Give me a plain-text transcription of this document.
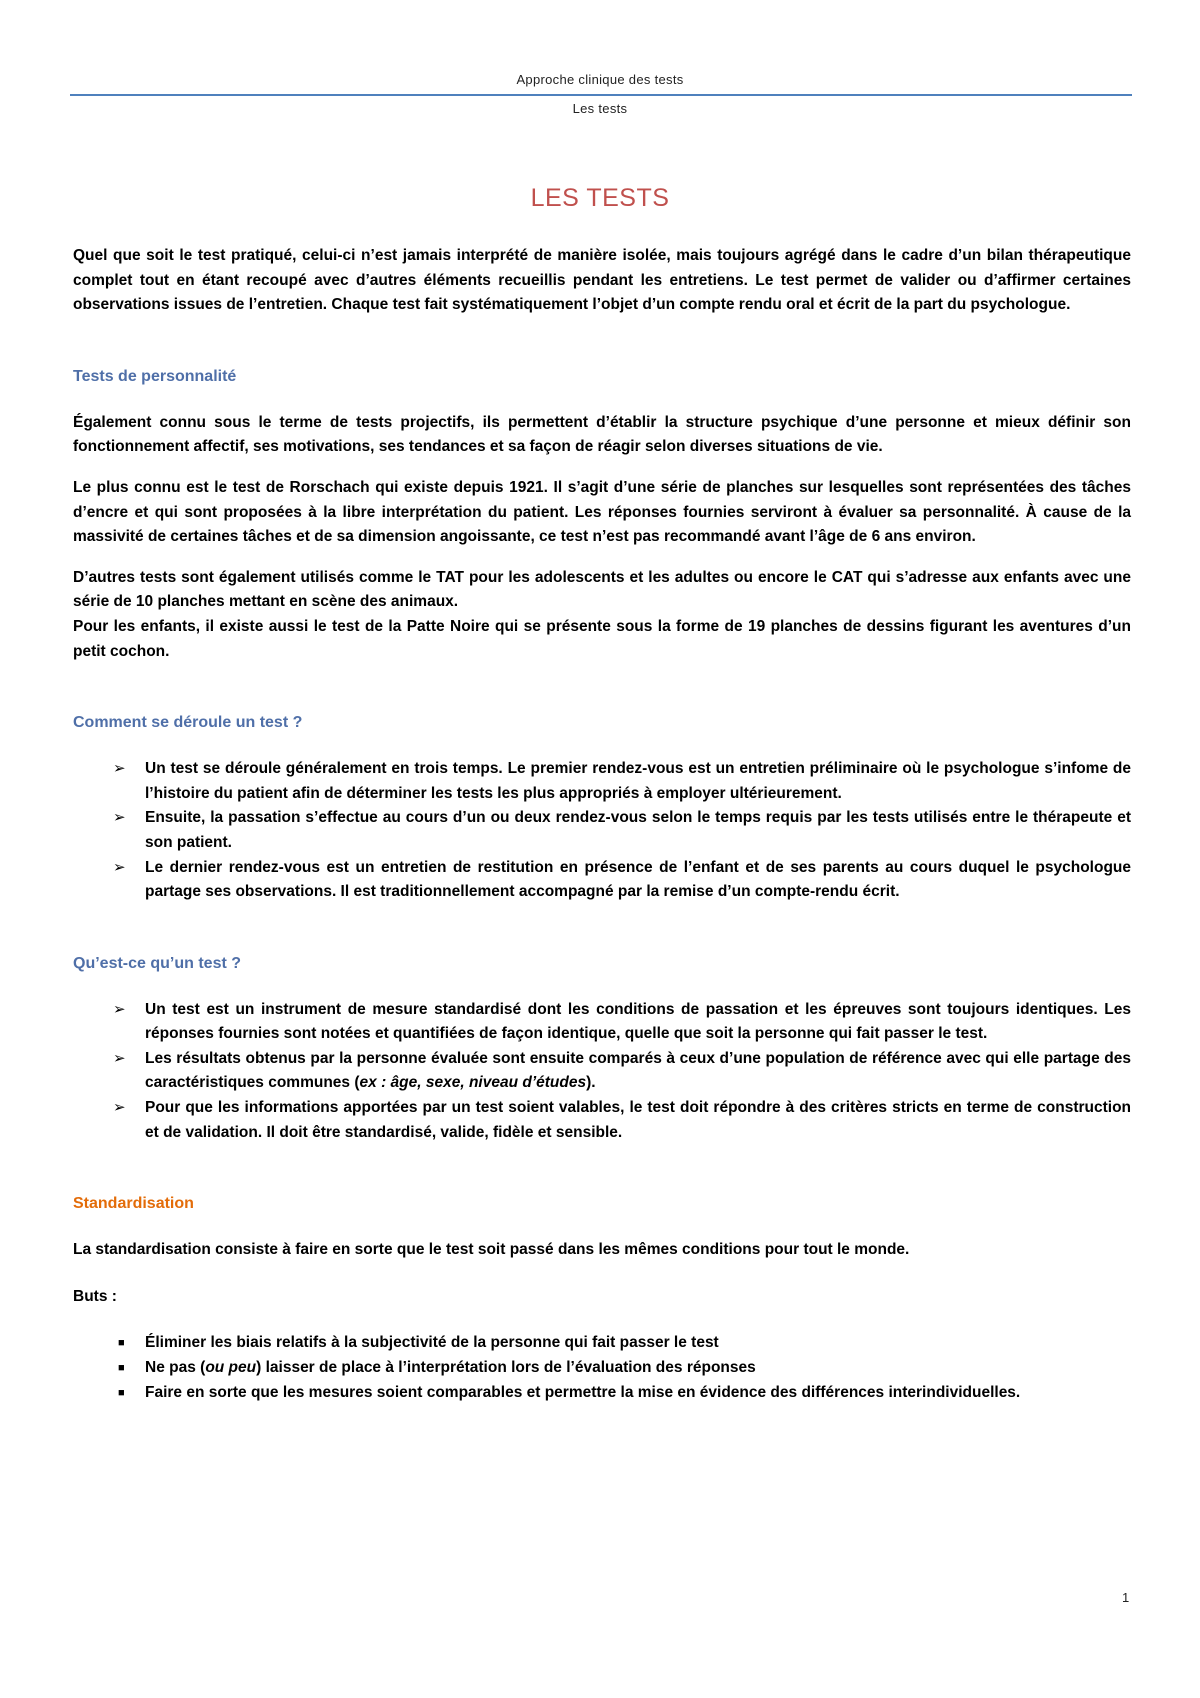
Approche clinique des tests
Les tests
LES TESTS

Quel que soit le test pratiqué, celui-ci n’est jamais interprété de manière isolée, mais toujours agrégé dans le cadre d’un bilan thérapeutique complet tout en étant recoupé avec d’autres éléments recueillis pendant les entretiens. Le test permet de valider ou d’affirmer certaines observations issues de l’entretien. Chaque test fait systématiquement l’objet d’un compte rendu oral et écrit de la part du psychologue.

Tests de personnalité

Également connu sous le terme de tests projectifs, ils permettent d’établir la structure psychique d’une personne et mieux définir son fonctionnement affectif, ses motivations, ses tendances et sa façon de réagir selon diverses situations de vie.

Le plus connu est le test de Rorschach qui existe depuis 1921. Il s’agit d’une série de planches sur lesquelles sont représentées des tâches d’encre et qui sont proposées à la libre interprétation du patient. Les réponses fournies serviront à évaluer sa personnalité. À cause de la massivité de certaines tâches et de sa dimension angoissante, ce test n’est pas recommandé avant l’âge de 6 ans environ.

D’autres tests sont également utilisés comme le TAT pour les adolescents et les adultes ou encore le CAT qui s’adresse aux enfants avec une série de 10 planches mettant en scène des animaux.

Pour les enfants, il existe aussi le test de la Patte Noire qui se présente sous la forme de 19 planches de dessins figurant les aventures d’un petit cochon.

Comment se déroule un test ?
➢ Un test se déroule généralement en trois temps. Le premier rendez-vous est un entretien préliminaire où le psychologue s’infome de l’histoire du patient afin de déterminer les tests les plus appropriés à employer ultérieurement.
➢ Ensuite, la passation s’effectue au cours d’un ou deux rendez-vous selon le temps requis par les tests utilisés entre le thérapeute et son patient.
➢ Le dernier rendez-vous est un entretien de restitution en présence de l’enfant et de ses parents au cours duquel le psychologue partage ses observations. Il est traditionnellement accompagné par la remise d’un compte-rendu écrit.
Qu’est-ce qu’un test ?
➢ Un test est un instrument de mesure standardisé dont les conditions de passation et les épreuves sont toujours identiques. Les réponses fournies sont notées et quantifiées de façon identique, quelle que soit la personne qui fait passer le test.
➢ Les résultats obtenus par la personne évaluée sont ensuite comparés à ceux d’une population de référence avec qui elle partage des caractéristiques communes (ex : âge, sexe, niveau d’études).
➢ Pour que les informations apportées par un test soient valables, le test doit répondre à des critères stricts en terme de construction et de validation. Il doit être standardisé, valide, fidèle et sensible.
Standardisation

La standardisation consiste à faire en sorte que le test soit passé dans les mêmes conditions pour tout le monde.

Buts :

■ Éliminer les biais relatifs à la subjectivité de la personne qui fait passer le test
■ Ne pas (ou peu) laisser de place à l’interprétation lors de l’évaluation des réponses
■ Faire en sorte que les mesures soient comparables et permettre la mise en évidence des différences interindividuelles.
1
